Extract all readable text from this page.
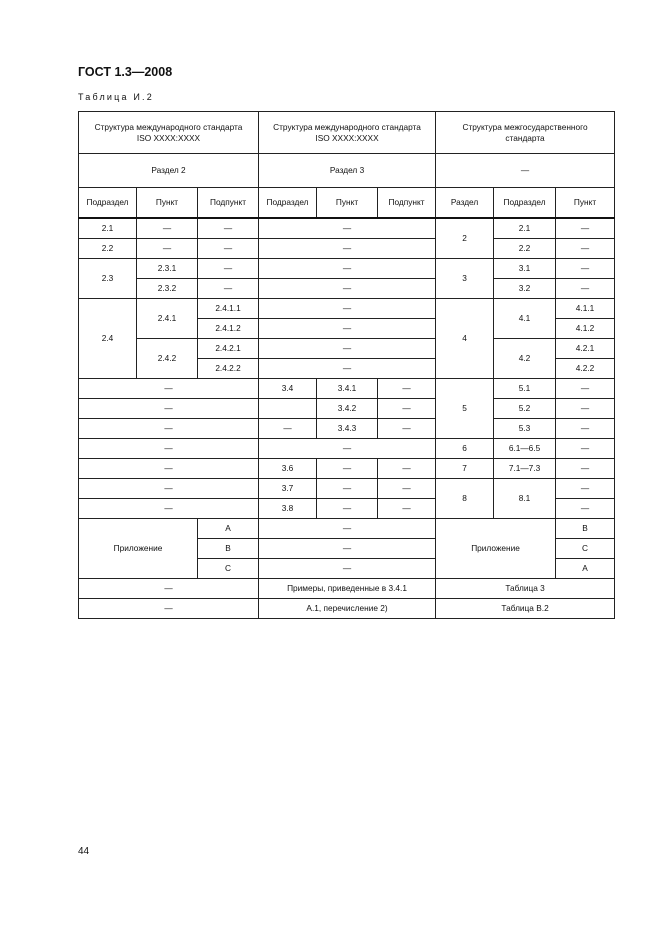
ГОСТ 1.3—2008
Таблица И.2
Структура международного стандарта
ISO XXXX:XXXX			Структура международного стандарта
ISO XXXX:XXXX			Структура межгосударственного
стандарта		
Раздел 2			Раздел 3			—		
Подраздел	Пункт	Подпункт	Подраздел	Пункт	Подпункт	Раздел	Подраздел	Пункт
2.1	—	—	—			2	2.1	—
2.2	—	—	—				2.2	—
2.3	2.3.1	—	—			3	3.1	—
	2.3.2	—	—				3.2	—
2.4	2.4.1	2.4.1.1	—			4	4.1	4.1.1
		2.4.1.2	—					4.1.2
	2.4.2	2.4.2.1	—				4.2	4.2.1
		2.4.2.2	—					4.2.2
—			3.4	3.4.1	—	5	5.1	—
—				3.4.2	—		5.2	—
—			—	3.4.3	—		5.3	—
—			—			6	6.1—6.5	—
—			3.6	—	—	7	7.1—7.3	—
—			3.7	—	—	8	8.1	—
—			3.8	—	—			—
Приложение		A	—			Приложение		B
		B	—					C
		C	—					A
—			Примеры, приведенные в 3.4.1			Таблица 3		
—			А.1, перечисление 2)			Таблица В.2		
44
